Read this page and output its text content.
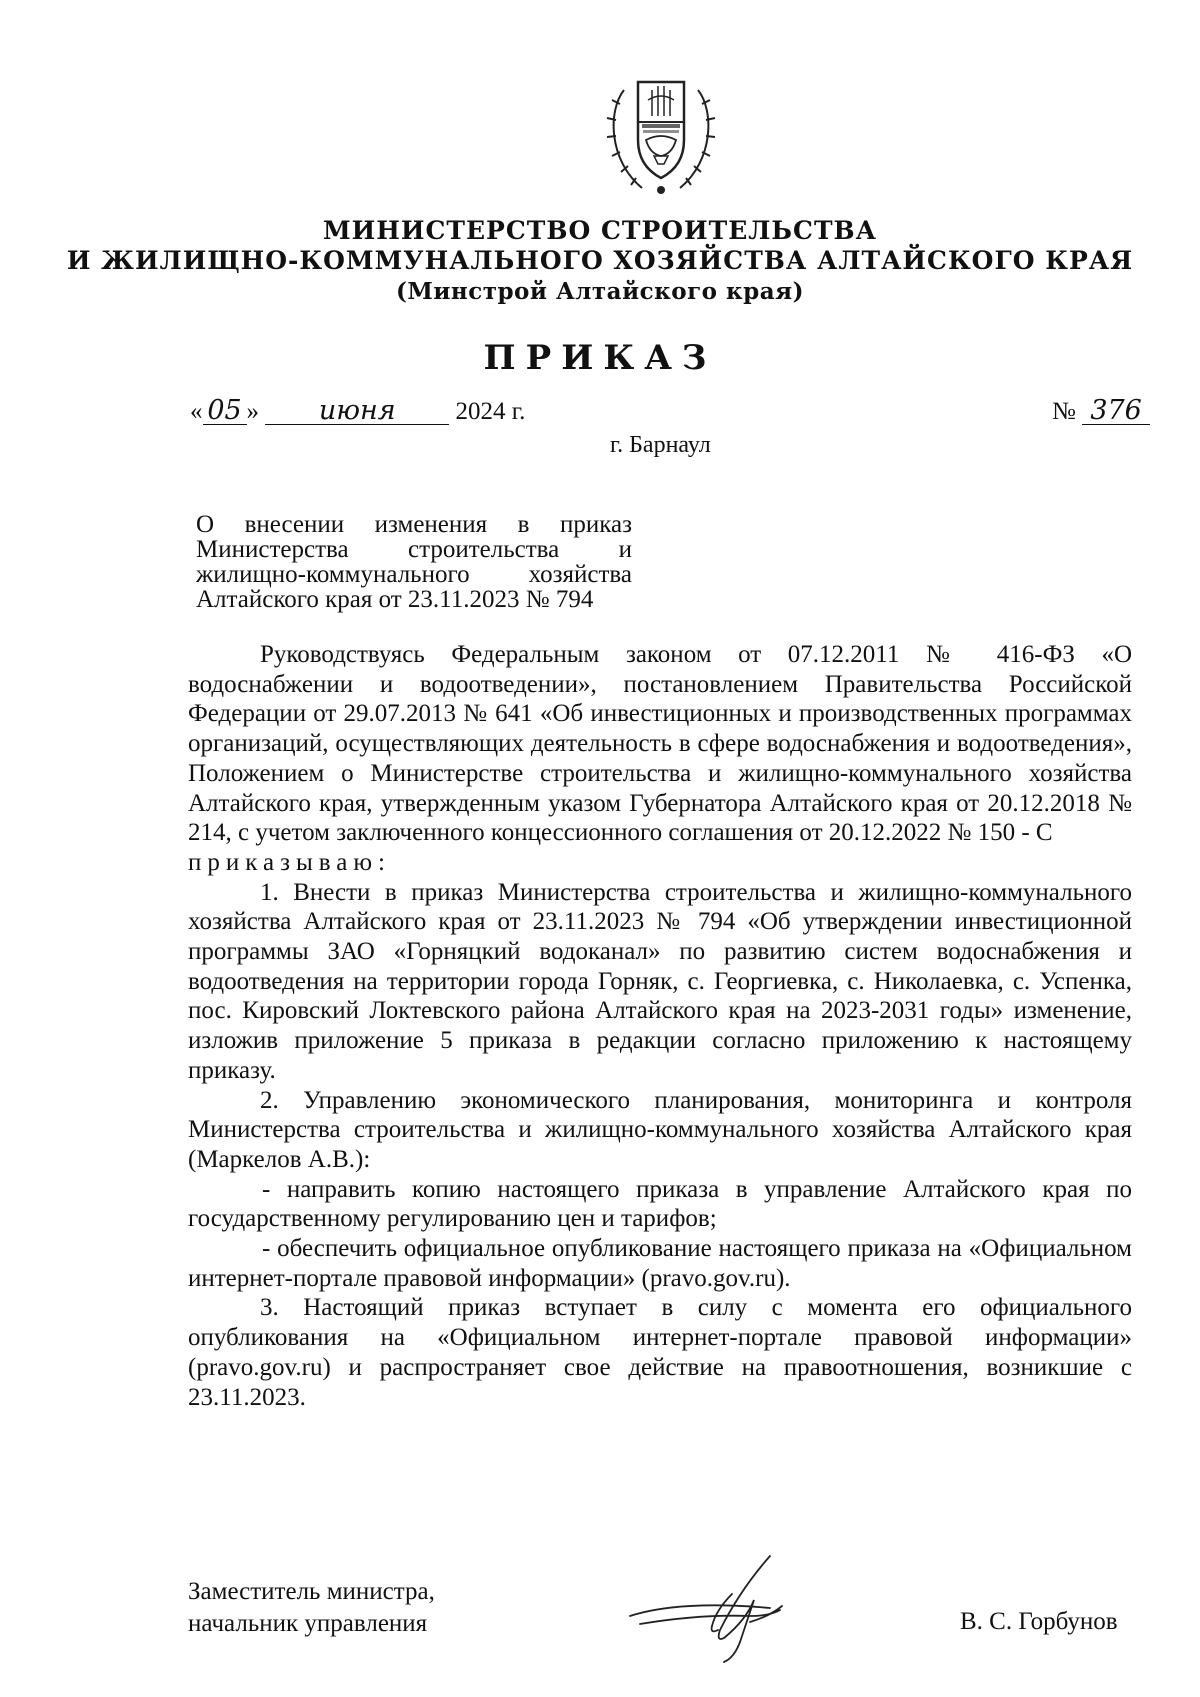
МИНИСТЕРСТВО СТРОИТЕЛЬСТВА
И ЖИЛИЩНО-КОММУНАЛЬНОГО ХОЗЯЙСТВА АЛТАЙСКОГО КРАЯ
(Минстрой Алтайского края)
ПРИКАЗ
« 05 » июня 2024 г.	№ 376
г. Барнаул
О внесении изменения в приказ
Министерства строительства и
жилищно-коммунального хозяйства
Алтайского края от 23.11.2023 № 794

Руководствуясь Федеральным законом от 07.12.2011 № 416-ФЗ «О водоснабжении и водоотведении», постановлением Правительства Российской Федерации от 29.07.2013 № 641 «Об инвестиционных и производственных программах организаций, осуществляющих деятельность в сфере водоснабжения и водоотведения», Положением о Министерстве строительства и жилищно-коммунального хозяйства Алтайского края, утвержденным указом Губернатора Алтайского края от 20.12.2018 № 214, с учетом заключенного концессионного соглашения от 20.12.2022 № 150 - С

приказываю:

1. Внести в приказ Министерства строительства и жилищно-коммунального хозяйства Алтайского края от 23.11.2023 № 794 «Об утверждении инвестиционной программы ЗАО «Горняцкий водоканал» по развитию систем водоснабжения и водоотведения на территории города Горняк, с. Георгиевка, с. Николаевка, с. Успенка, пос. Кировский Локтевского района Алтайского края на 2023-2031 годы» изменение, изложив приложение 5 приказа в редакции согласно приложению к настоящему приказу.

2. Управлению экономического планирования, мониторинга и контроля Министерства строительства и жилищно-коммунального хозяйства Алтайского края (Маркелов А.В.):

- направить копию настоящего приказа в управление Алтайского края по государственному регулированию цен и тарифов;

- обеспечить официальное опубликование настоящего приказа на «Официальном интернет-портале правовой информации» (pravo.gov.ru).

3. Настоящий приказ вступает в силу с момента его официального опубликования на «Официальном интернет-портале правовой информации» (pravo.gov.ru) и распространяет свое действие на правоотношения, возникшие с 23.11.2023.

Заместитель министра,
начальник управления	В. С. Горбунов
